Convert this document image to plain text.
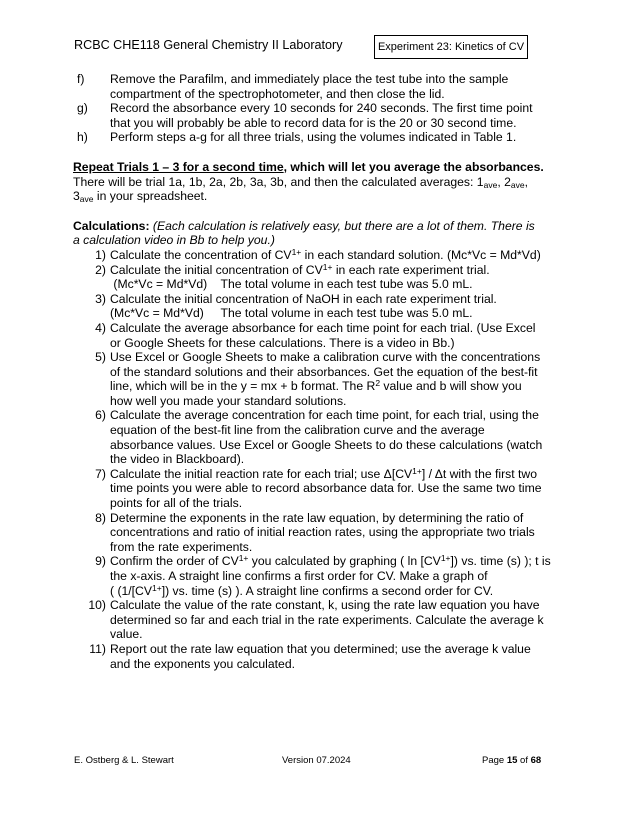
RCBC CHE118 General Chemistry II Laboratory	Experiment 23: Kinetics of CV
f) Remove the Parafilm, and immediately place the test tube into the sample
compartment of the spectrophotometer, and then close the lid.
g) Record the absorbance every 10 seconds for 240 seconds. The first time point
that you will probably be able to record data for is the 20 or 30 second time.
h) Perform steps a-g for all three trials, using the volumes indicated in Table 1.
Repeat Trials 1 – 3 for a second time, which will let you average the absorbances.
There will be trial 1a, 1b, 2a, 2b, 3a, 3b, and then the calculated averages: $1_{ave}$, $2_{ave}$,
$3_{ave}$ in your spreadsheet.
Calculations: (Each calculation is relatively easy, but there are a lot of them. There is
a calculation video in Bb to help you.)
1) Calculate the concentration of $CV^{1+}$ in each standard solution. (Mc*Vc = Md*Vd)
2) Calculate the initial concentration of $CV^{1+}$ in each rate experiment trial.
(Mc*Vc = Md*Vd)    The total volume in each test tube was 5.0 mL.
3) Calculate the initial concentration of NaOH in each rate experiment trial.
(Mc*Vc = Md*Vd)     The total volume in each test tube was 5.0 mL.
4) Calculate the average absorbance for each time point for each trial. (Use Excel
or Google Sheets for these calculations. There is a video in Bb.)
5) Use Excel or Google Sheets to make a calibration curve with the concentrations
of the standard solutions and their absorbances. Get the equation of the best-fit
line, which will be in the y = mx + b format. The $R^2$ value and b will show you
how well you made your standard solutions.
6) Calculate the average concentration for each time point, for each trial, using the
equation of the best-fit line from the calibration curve and the average
absorbance values. Use Excel or Google Sheets to do these calculations (watch
the video in Blackboard).
7) Calculate the initial reaction rate for each trial; use $\Delta[CV^{1+}]$ / Δt with the first two
time points you were able to record absorbance data for. Use the same two time
points for all of the trials.
8) Determine the exponents in the rate law equation, by determining the ratio of
concentrations and ratio of initial reaction rates, using the appropriate two trials
from the rate experiments.
9) Confirm the order of $CV^{1+}$ you calculated by graphing ( $\ln [CV^{1+}]$) vs. time (s) ); t is
the x-axis. A straight line confirms a first order for CV. Make a graph of
( $(1/[CV^{1+}])$ vs. time (s) ). A straight line confirms a second order for CV.
10) Calculate the value of the rate constant, k, using the rate law equation you have
determined so far and each trial in the rate experiments. Calculate the average k
value.
11) Report out the rate law equation that you determined; use the average k value
and the exponents you calculated.
E. Ostberg & L. Stewart	Version 07.2024	Page 15 of 68
